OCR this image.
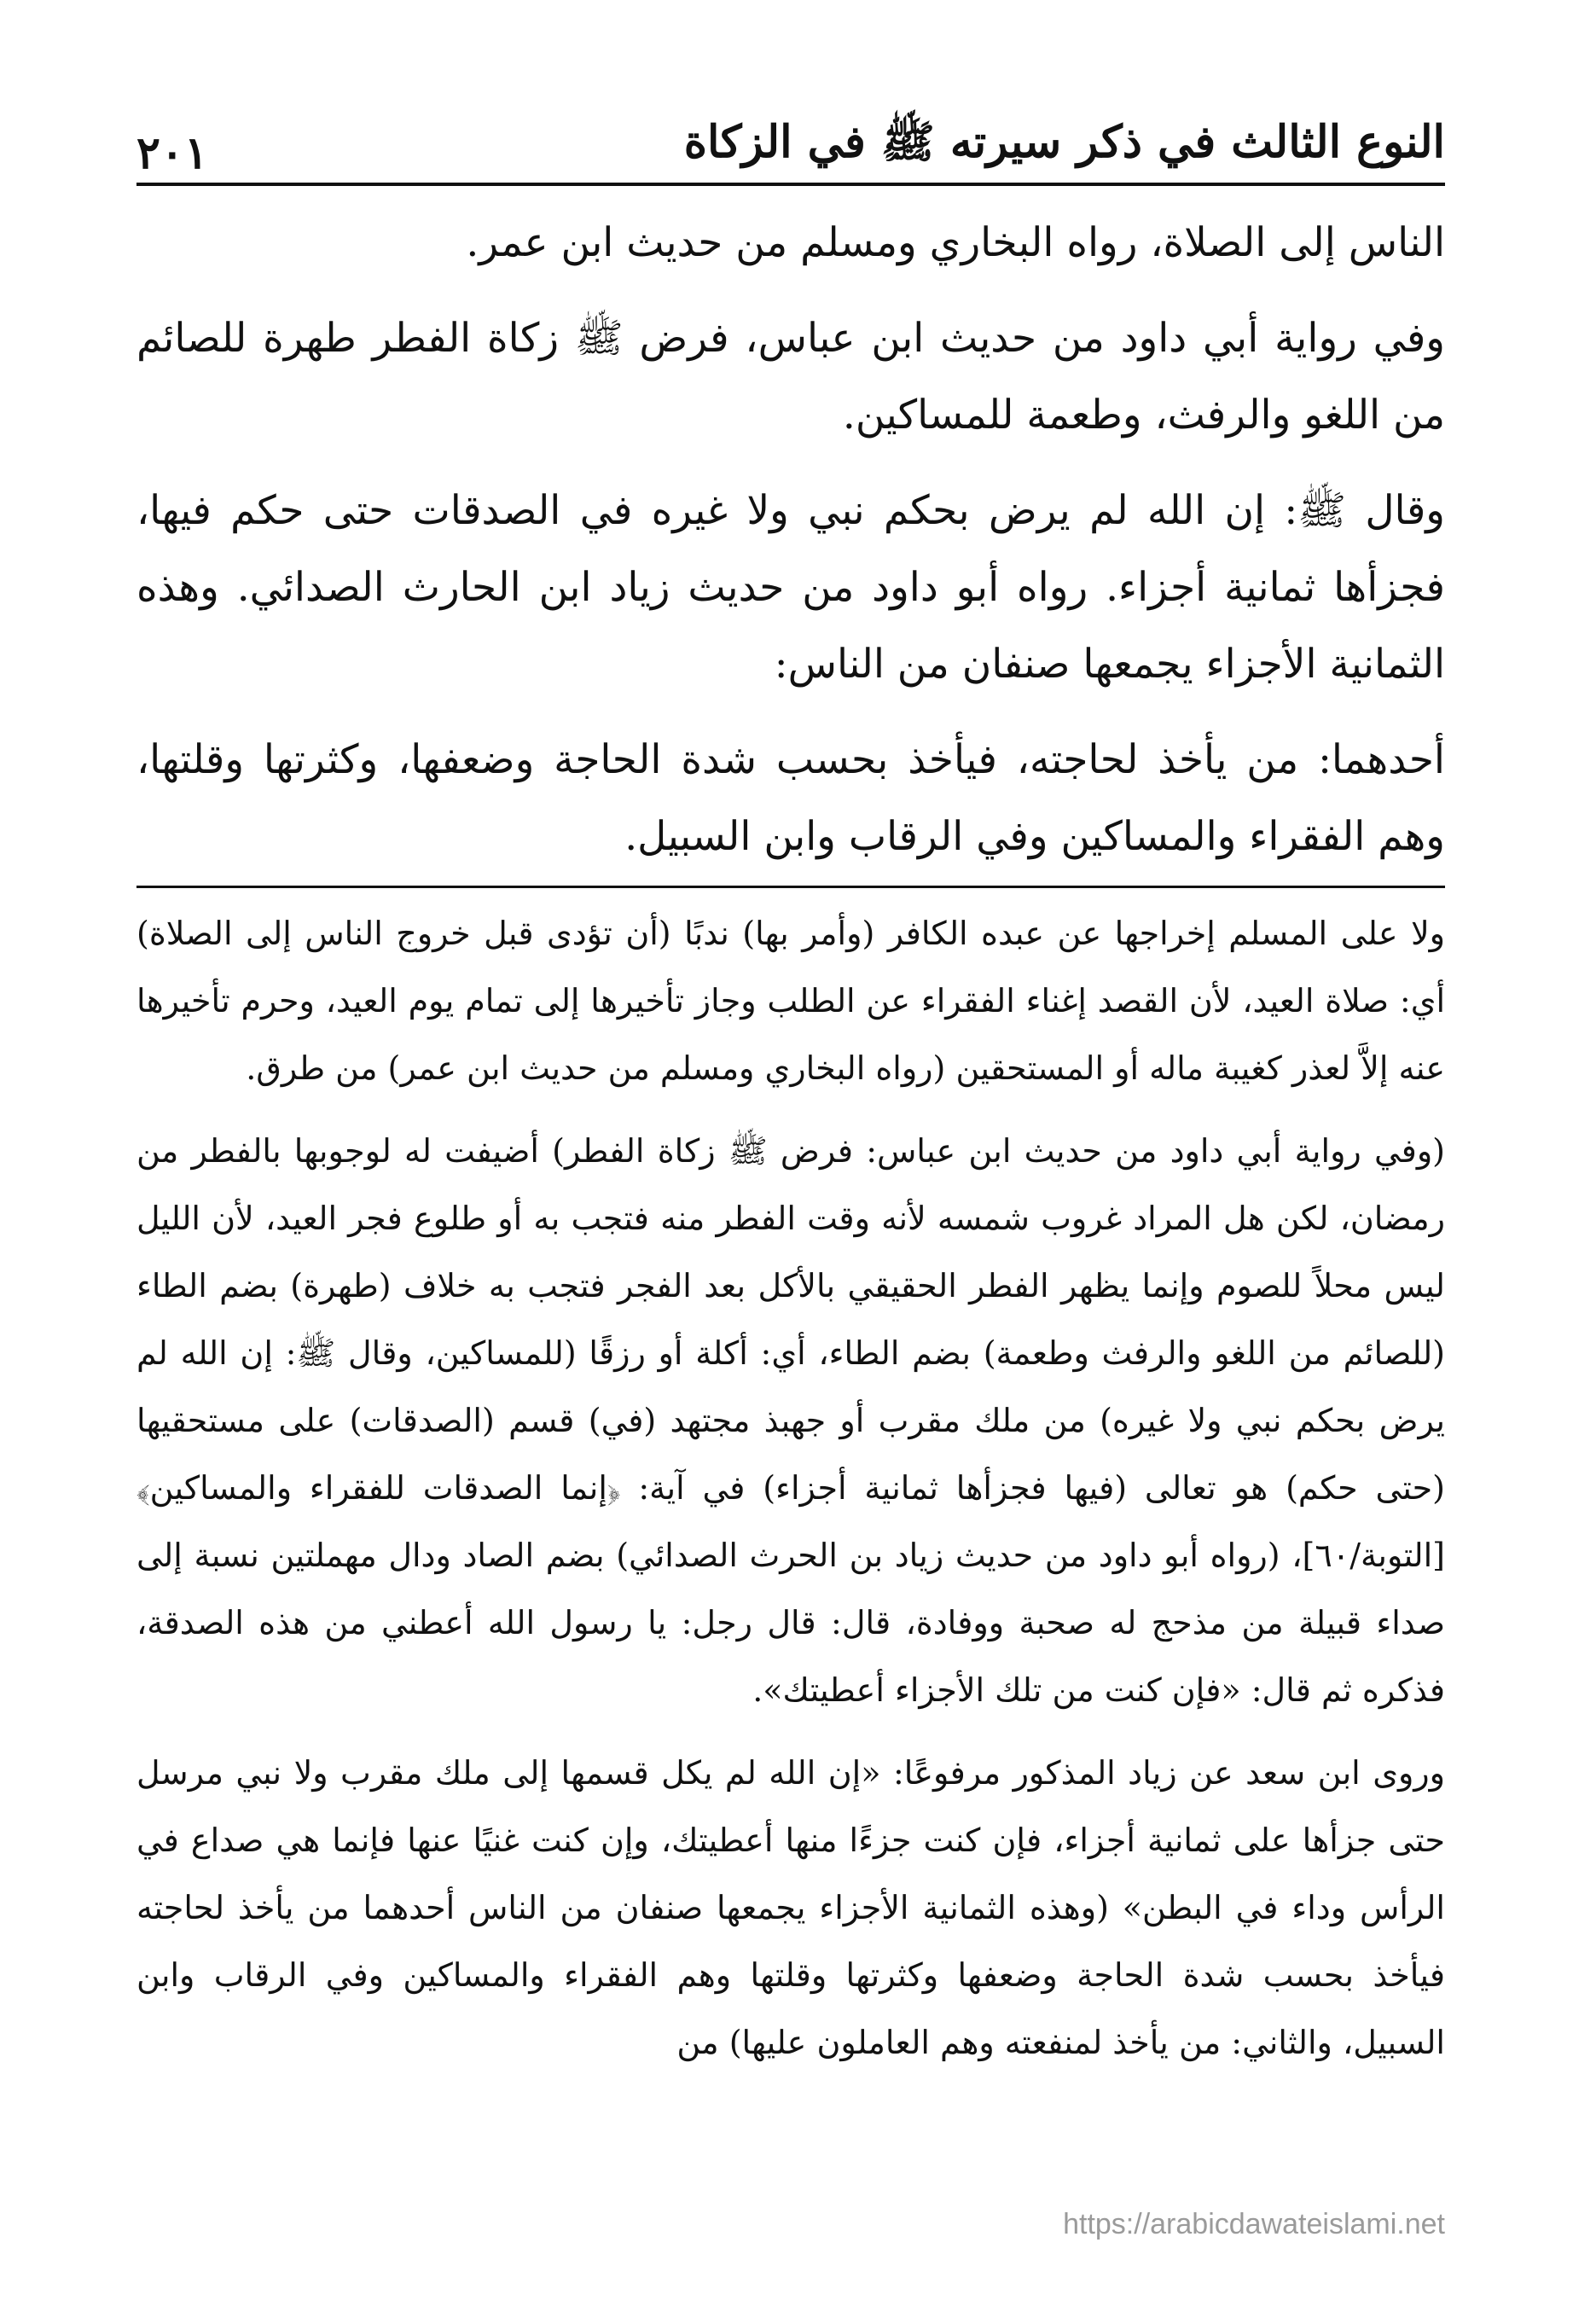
٢٠١	النوع الثالث في ذكر سيرته ﷺ في الزكاة

الناس إلى الصلاة، رواه البخاري ومسلم من حديث ابن عمر.

وفي رواية أبي داود من حديث ابن عباس، فرض ﷺ زكاة الفطر طهرة للصائم من اللغو والرفث، وطعمة للمساكين.

وقال ﷺ: إن الله لم يرض بحكم نبي ولا غيره في الصدقات حتى حكم فيها، فجزأها ثمانية أجزاء. رواه أبو داود من حديث زياد ابن الحارث الصدائي. وهذه الثمانية الأجزاء يجمعها صنفان من الناس:

أحدهما: من يأخذ لحاجته، فيأخذ بحسب شدة الحاجة وضعفها، وكثرتها وقلتها، وهم الفقراء والمساكين وفي الرقاب وابن السبيل.

ولا على المسلم إخراجها عن عبده الكافر (وأمر بها) ندبًا (أن تؤدى قبل خروج الناس إلى الصلاة) أي: صلاة العيد، لأن القصد إغناء الفقراء عن الطلب وجاز تأخيرها إلى تمام يوم العيد، وحرم تأخيرها عنه إلاَّ لعذر كغيبة ماله أو المستحقين (رواه البخاري ومسلم من حديث ابن عمر) من طرق.

(وفي رواية أبي داود من حديث ابن عباس: فرض ﷺ زكاة الفطر) أضيفت له لوجوبها بالفطر من رمضان، لكن هل المراد غروب شمسه لأنه وقت الفطر منه فتجب به أو طلوع فجر العيد، لأن الليل ليس محلاً للصوم وإنما يظهر الفطر الحقيقي بالأكل بعد الفجر فتجب به خلاف (طهرة) بضم الطاء (للصائم من اللغو والرفث وطعمة) بضم الطاء، أي: أكلة أو رزقًا (للمساكين، وقال ﷺ: إن الله لم يرض بحكم نبي ولا غيره) من ملك مقرب أو جهبذ مجتهد (في) قسم (الصدقات) على مستحقيها (حتى حكم) هو تعالى (فيها فجزأها ثمانية أجزاء) في آية: ﴿إنما الصدقات للفقراء والمساكين﴾ [التوبة/٦٠]، (رواه أبو داود من حديث زياد بن الحرث الصدائي) بضم الصاد ودال مهملتين نسبة إلى صداء قبيلة من مذحج له صحبة ووفادة، قال: قال رجل: يا رسول الله أعطني من هذه الصدقة، فذكره ثم قال: «فإن كنت من تلك الأجزاء أعطيتك».

وروى ابن سعد عن زياد المذكور مرفوعًا: «إن الله لم يكل قسمها إلى ملك مقرب ولا نبي مرسل حتى جزأها على ثمانية أجزاء، فإن كنت جزءًا منها أعطيتك، وإن كنت غنيًا عنها فإنما هي صداع في الرأس وداء في البطن» (وهذه الثمانية الأجزاء يجمعها صنفان من الناس أحدهما من يأخذ لحاجته فيأخذ بحسب شدة الحاجة وضعفها وكثرتها وقلتها وهم الفقراء والمساكين وفي الرقاب وابن السبيل، والثاني: من يأخذ لمنفعته وهم العاملون عليها) من

https://arabicdawateislami.net
